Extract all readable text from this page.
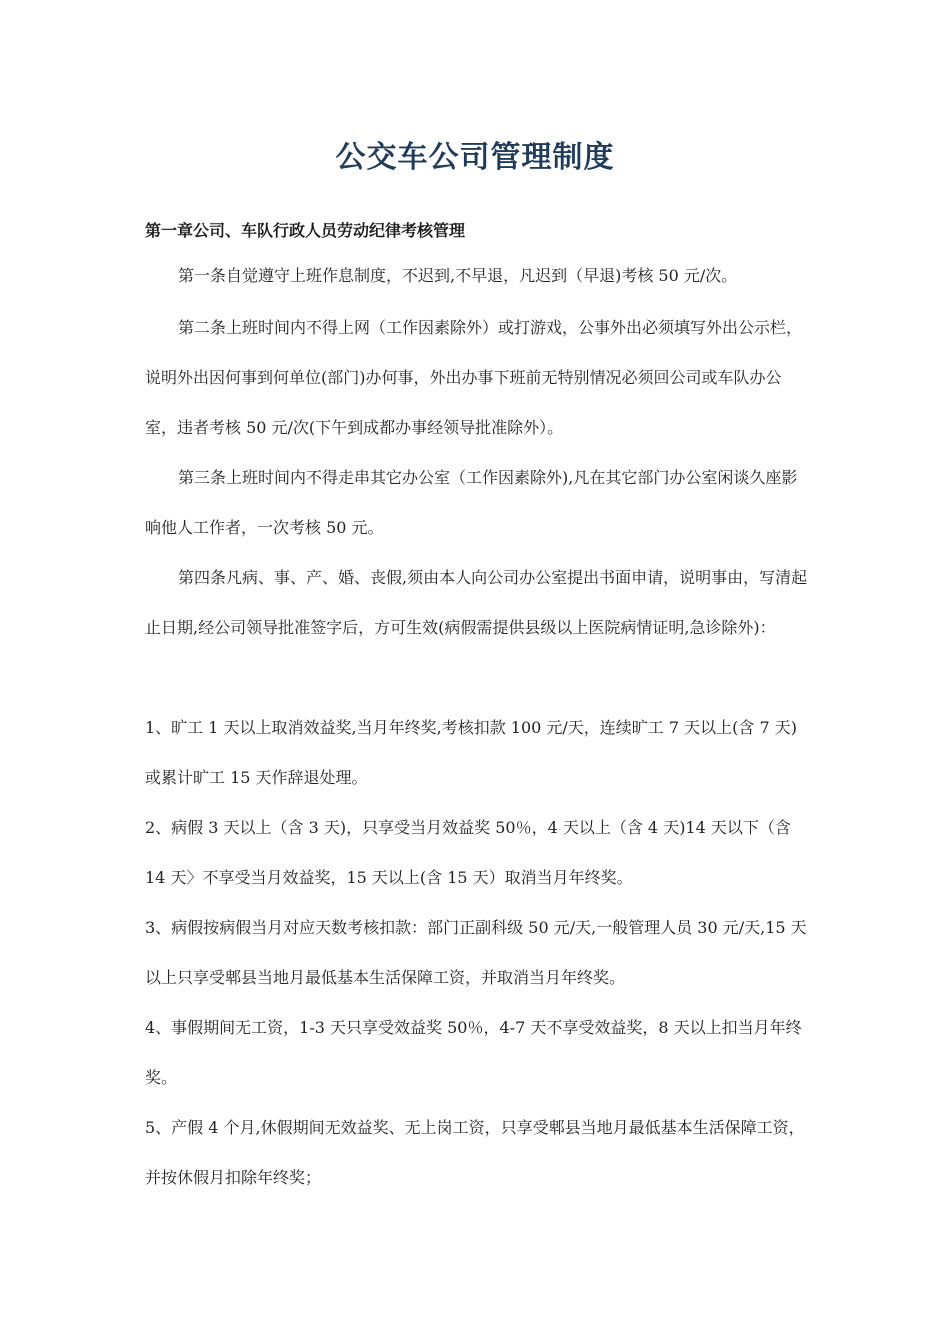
公交车公司管理制度
第一章公司、车队行政人员劳动纪律考核管理
第一条自觉遵守上班作息制度，不迟到,不早退，凡迟到（早退)考核 50 元/次。
第二条上班时间内不得上网（工作因素除外）或打游戏，公事外出必须填写外出公示栏，说明外出因何事到何单位(部门)办何事，外出办事下班前无特别情况必须回公司或车队办公室，违者考核 50 元/次(下午到成都办事经领导批准除外）。
第三条上班时间内不得走串其它办公室（工作因素除外),凡在其它部门办公室闲谈久座影响他人工作者，一次考核 50 元。
第四条凡病、事、产、婚、丧假,须由本人向公司办公室提出书面申请，说明事由，写清起止日期,经公司领导批准签字后，方可生效(病假需提供县级以上医院病情证明,急诊除外)：
1、旷工 1 天以上取消效益奖,当月年终奖,考核扣款 100 元/天，连续旷工 7 天以上(含 7 天)或累计旷工 15 天作辞退处理。
2、病假 3 天以上（含 3 天)，只享受当月效益奖 50％，4 天以上（含 4 天)14 天以下（含 14 天〉不享受当月效益奖，15 天以上(含 15 天）取消当月年终奖。
3、病假按病假当月对应天数考核扣款：部门正副科级 50 元/天,一般管理人员 30 元/天,15 天以上只享受郫县当地月最低基本生活保障工资，并取消当月年终奖。
4、事假期间无工资，1-3 天只享受效益奖 50％，4-7 天不享受效益奖，8 天以上扣当月年终奖。
5、产假 4 个月,休假期间无效益奖、无上岗工资，只享受郫县当地月最低基本生活保障工资，并按休假月扣除年终奖；
